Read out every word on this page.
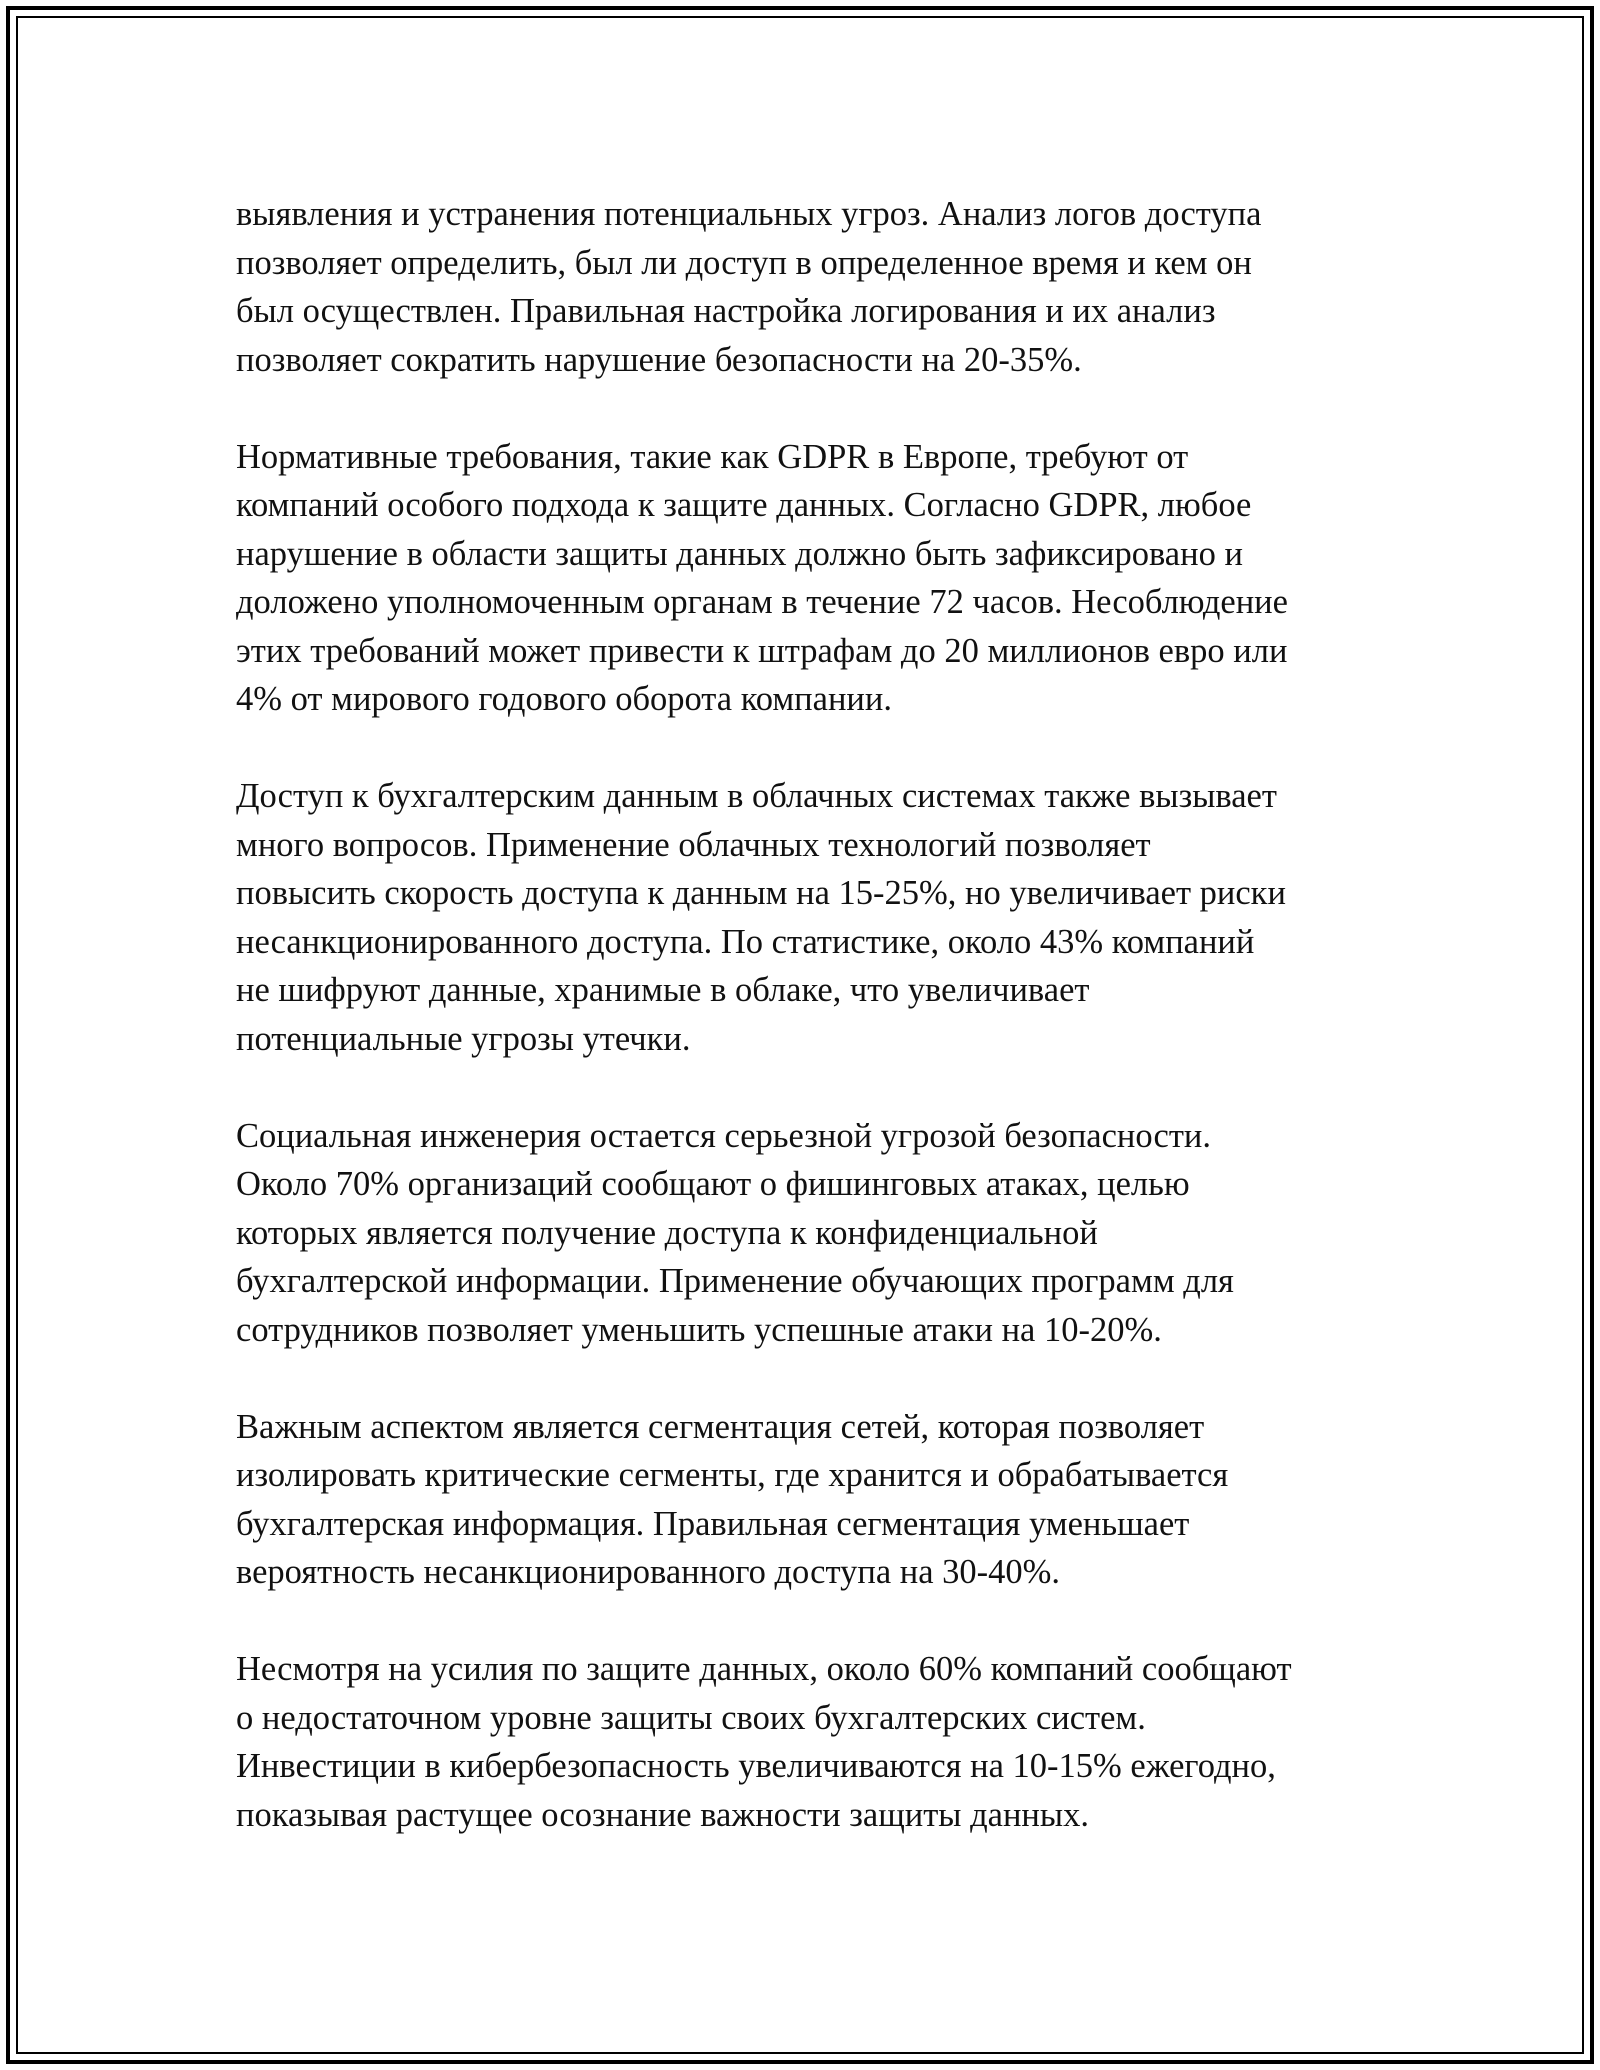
выявления и устранения потенциальных угроз. Анализ логов доступа
позволяет определить, был ли доступ в определенное время и кем он
был осуществлен. Правильная настройка логирования и их анализ
позволяет сократить нарушение безопасности на 20-35%.

Нормативные требования, такие как GDPR в Европе, требуют от
компаний особого подхода к защите данных. Согласно GDPR, любое
нарушение в области защиты данных должно быть зафиксировано и
доложено уполномоченным органам в течение 72 часов. Несоблюдение
этих требований может привести к штрафам до 20 миллионов евро или
4% от мирового годового оборота компании.

Доступ к бухгалтерским данным в облачных системах также вызывает
много вопросов. Применение облачных технологий позволяет
повысить скорость доступа к данным на 15-25%, но увеличивает риски
несанкционированного доступа. По статистике, около 43% компаний
не шифруют данные, хранимые в облаке, что увеличивает
потенциальные угрозы утечки.

Социальная инженерия остается серьезной угрозой безопасности.
Около 70% организаций сообщают о фишинговых атаках, целью
которых является получение доступа к конфиденциальной
бухгалтерской информации. Применение обучающих программ для
сотрудников позволяет уменьшить успешные атаки на 10-20%.

Важным аспектом является сегментация сетей, которая позволяет
изолировать критические сегменты, где хранится и обрабатывается
бухгалтерская информация. Правильная сегментация уменьшает
вероятность несанкционированного доступа на 30-40%.

Несмотря на усилия по защите данных, около 60% компаний сообщают
о недостаточном уровне защиты своих бухгалтерских систем.
Инвестиции в кибербезопасность увеличиваются на 10-15% ежегодно,
показывая растущее осознание важности защиты данных.
